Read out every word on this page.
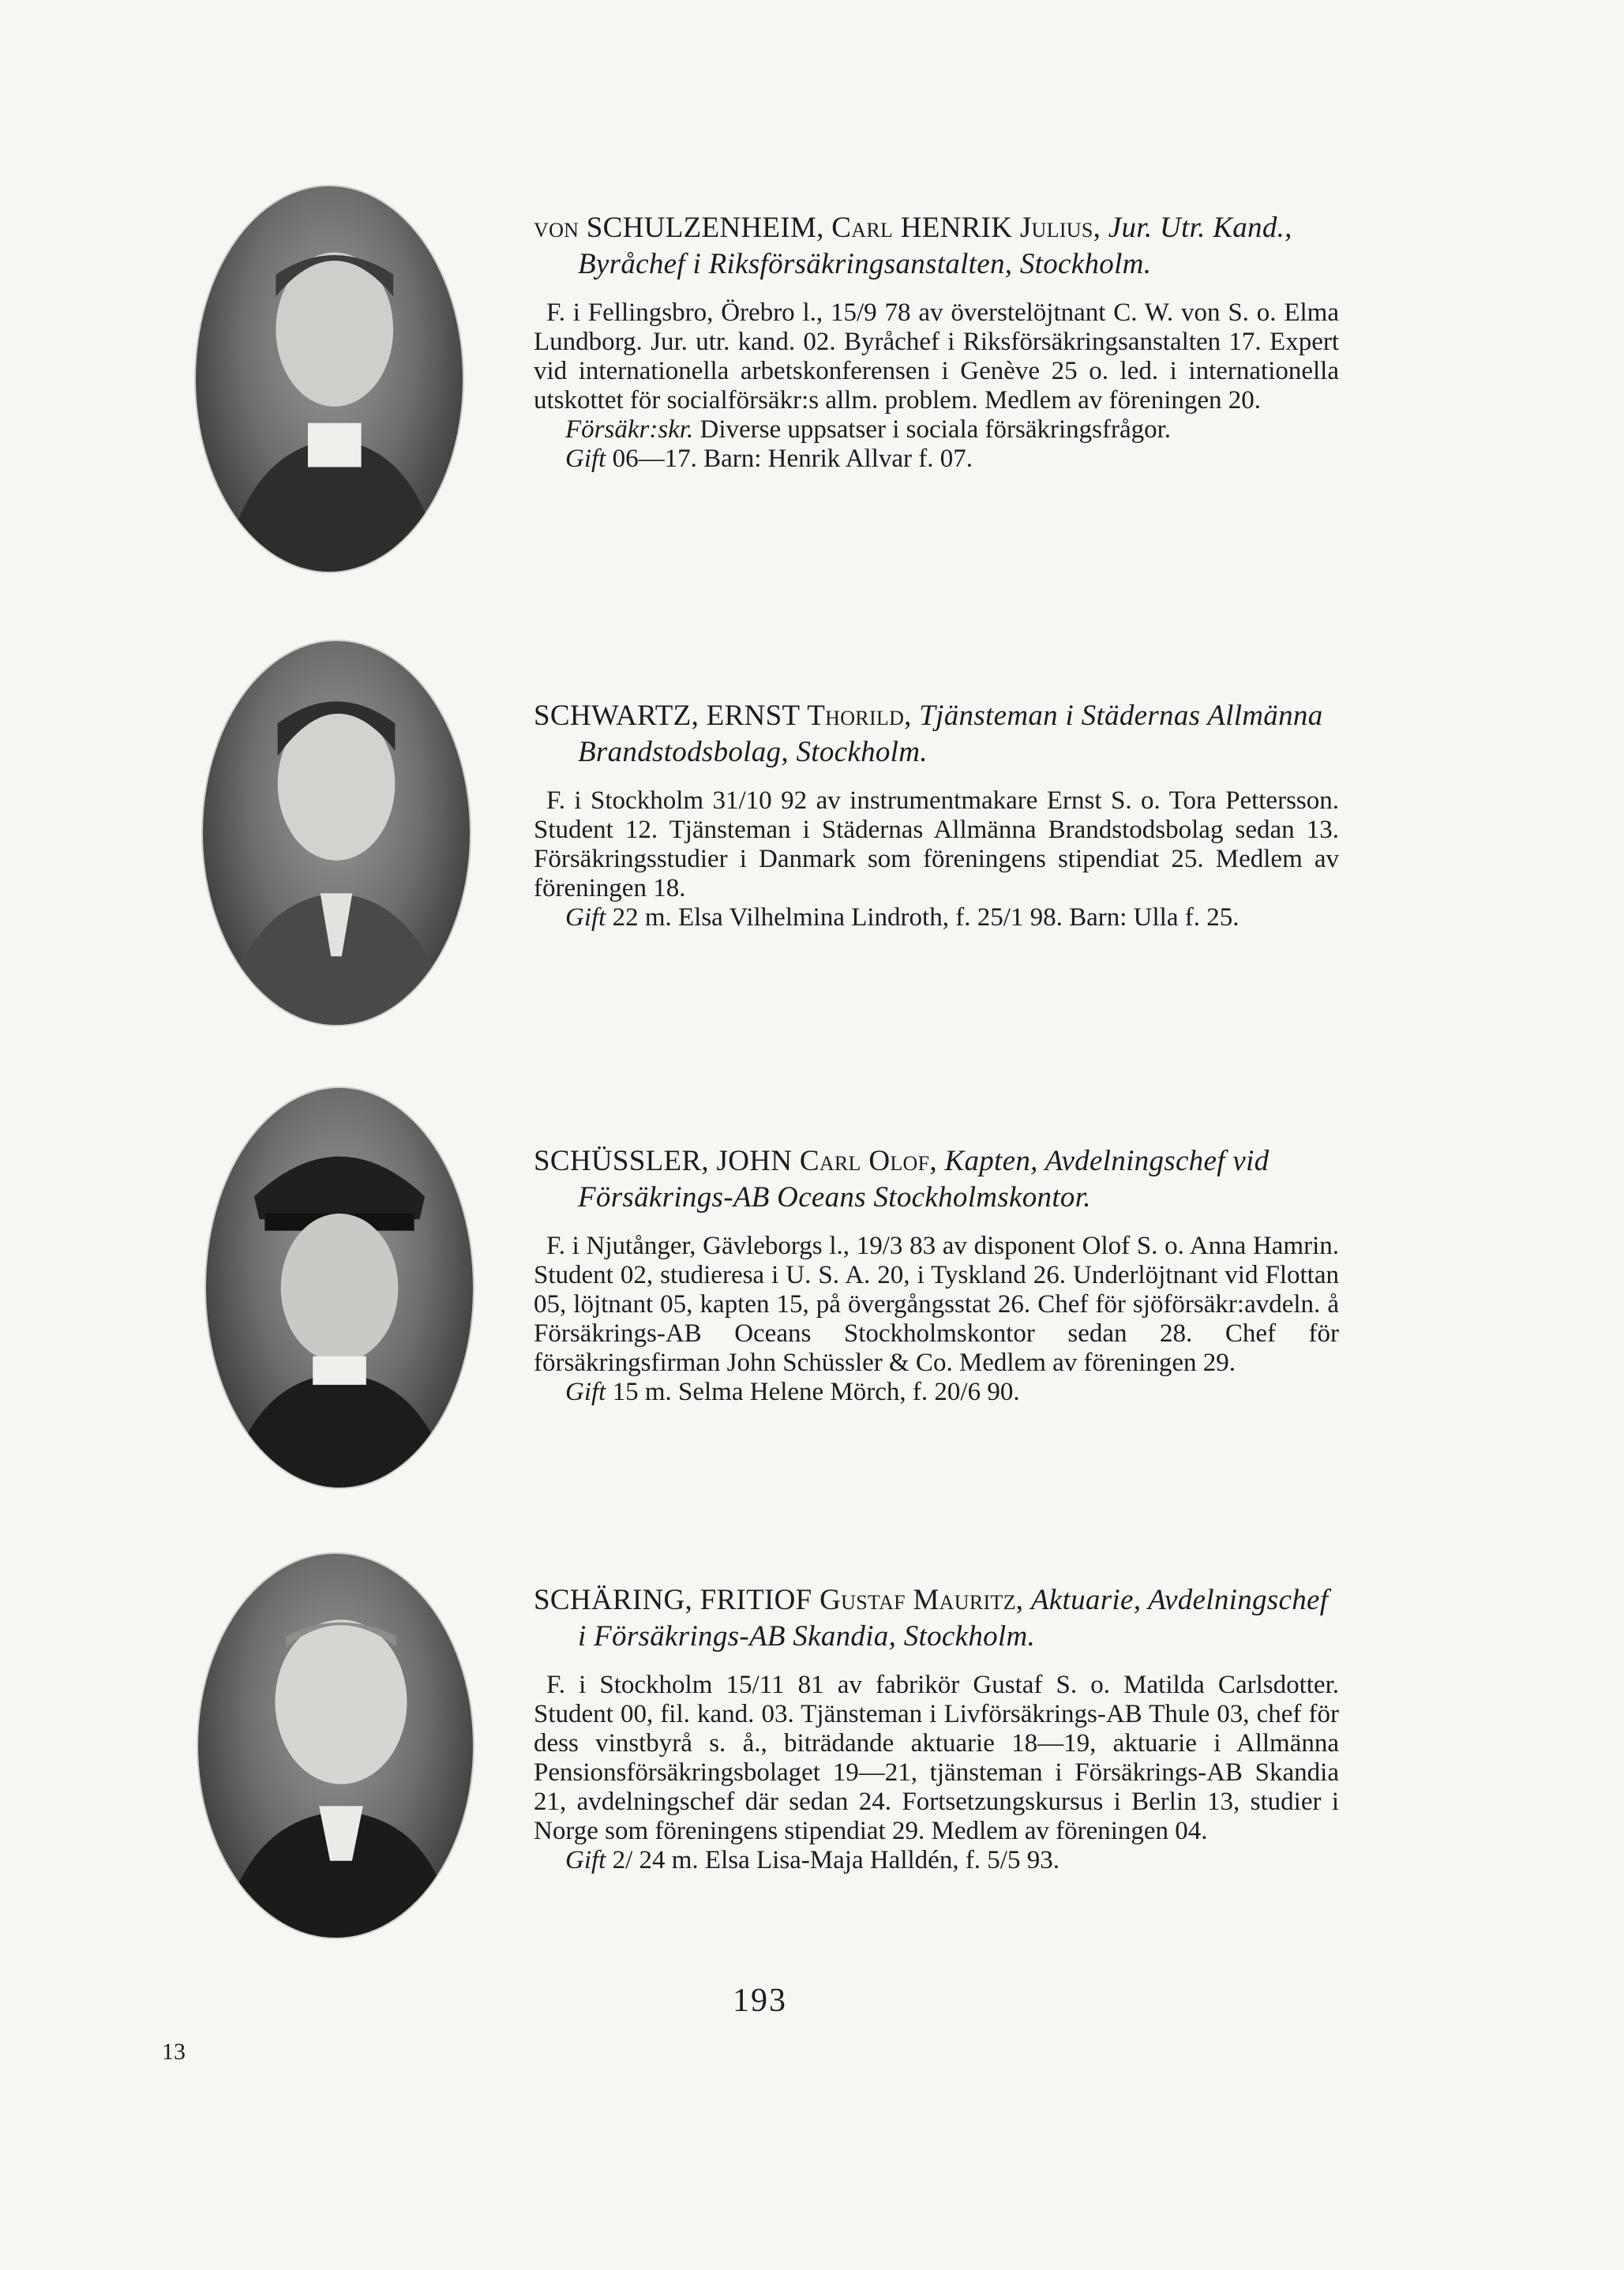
von SCHULZENHEIM, Carl HENRIK Julius, Jur. Utr. Kand., Byråchef i Riksförsäkringsanstalten, Stockholm.

F. i Fellingsbro, Örebro l., 15/9 78 av överstelöjtnant C. W. von S. o. Elma Lundborg. Jur. utr. kand. 02. Byråchef i Riksförsäkringsanstalten 17. Expert vid internationella arbetskonferensen i Genève 25 o. led. i internationella utskottet för socialförsäkr:s allm. problem. Medlem av föreningen 20.

Försäkr:skr. Diverse uppsatser i sociala försäkringsfrågor.

Gift 06—17. Barn: Henrik Allvar f. 07.

SCHWARTZ, ERNST Thorild, Tjänsteman i Städernas Allmänna Brandstodsbolag, Stockholm.

F. i Stockholm 31/10 92 av instrumentmakare Ernst S. o. Tora Pettersson. Student 12. Tjänsteman i Städernas Allmänna Brandstodsbolag sedan 13. Försäkringsstudier i Danmark som föreningens stipendiat 25. Medlem av föreningen 18.

Gift 22 m. Elsa Vilhelmina Lindroth, f. 25/1 98. Barn: Ulla f. 25.

SCHÜSSLER, JOHN Carl Olof, Kapten, Avdelningschef vid Försäkrings-AB Oceans Stockholmskontor.

F. i Njutånger, Gävleborgs l., 19/3 83 av disponent Olof S. o. Anna Hamrin. Student 02, studieresa i U. S. A. 20, i Tyskland 26. Underlöjtnant vid Flottan 05, löjtnant 05, kapten 15, på övergångsstat 26. Chef för sjöförsäkr:avdeln. å Försäkrings-AB Oceans Stockholmskontor sedan 28. Chef för försäkringsfirman John Schüssler & Co. Medlem av föreningen 29.

Gift 15 m. Selma Helene Mörch, f. 20/6 90.

SCHÄRING, FRITIOF Gustaf Mauritz, Aktuarie, Avdelningschef i Försäkrings-AB Skandia, Stockholm.

F. i Stockholm 15/11 81 av fabrikör Gustaf S. o. Matilda Carlsdotter. Student 00, fil. kand. 03. Tjänsteman i Livförsäkrings-AB Thule 03, chef för dess vinstbyrå s. å., biträdande aktuarie 18—19, aktuarie i Allmänna Pensionsförsäkringsbolaget 19—21, tjänsteman i Försäkrings-AB Skandia 21, avdelningschef där sedan 24. Fortsetzungskursus i Berlin 13, studier i Norge som föreningens stipendiat 29. Medlem av föreningen 04.

Gift 2/ 24 m. Elsa Lisa-Maja Halldén, f. 5/5 93.

193
13
